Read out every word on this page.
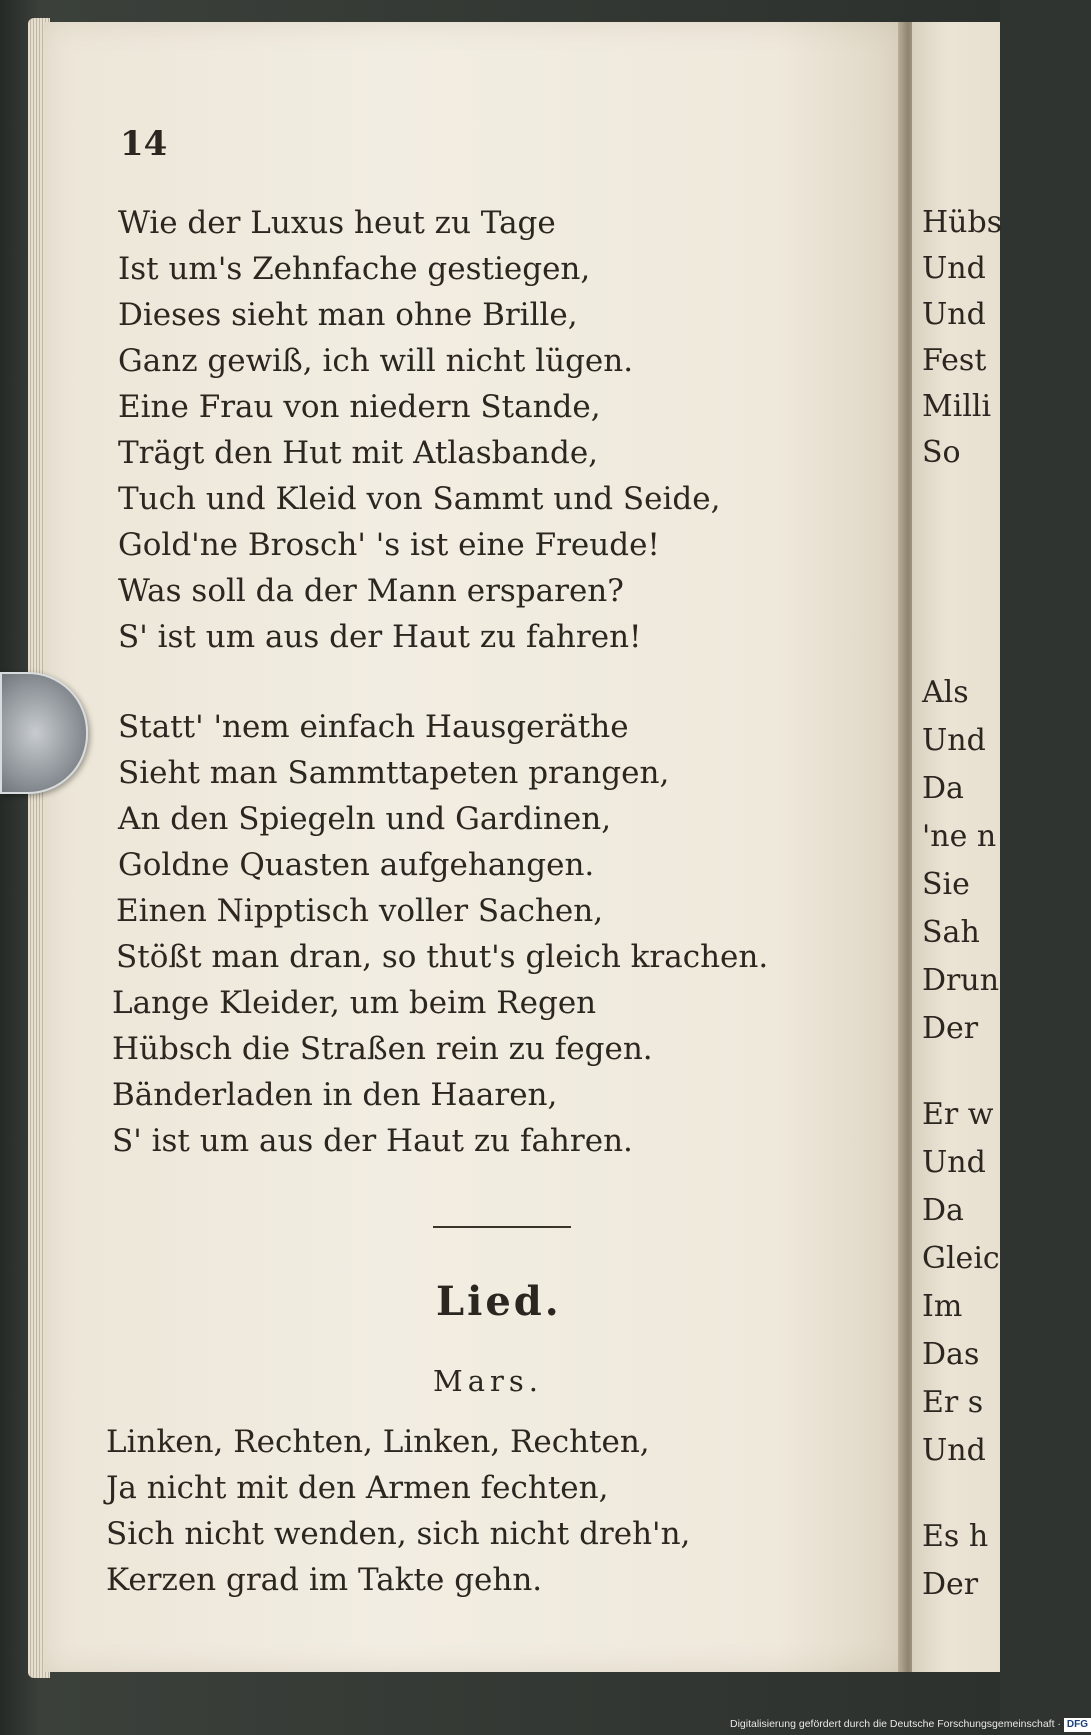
14
Wie der Luxus heut zu Tage
Ist um's Zehnfache gestiegen,
Dieses sieht man ohne Brille,
Ganz gewiß, ich will nicht lügen.
Eine Frau von niedern Stande,
Trägt den Hut mit Atlasbande,
Tuch und Kleid von Sammt und Seide,
Gold'ne Brosch' 's ist eine Freude!
Was soll da der Mann ersparen?
S' ist um aus der Haut zu fahren!
Statt' 'nem einfach Hausgeräthe
Sieht man Sammttapeten prangen,
An den Spiegeln und Gardinen,
Goldne Quasten aufgehangen.
Einen Nipptisch voller Sachen,
Stößt man dran, so thut's gleich krachen.
Lange Kleider, um beim Regen
Hübsch die Straßen rein zu fegen.
Bänderladen in den Haaren,
S' ist um aus der Haut zu fahren.
Lied.
Mars.
Linken, Rechten, Linken, Rechten,
Ja nicht mit den Armen fechten,
Sich nicht wenden, sich nicht dreh'n,
Kerzen grad im Takte gehn.
Hübs
Und
Und
Fest
Milli
So
Als
Und
Da
'ne n
Sie
Sah
Drun
Der
Er w
Und
Da
Gleic
Im
Das
Er s
Und
Es h
Der
Digitalisierung gefördert durch die Deutsche Forschungsgemeinschaft · DFG
